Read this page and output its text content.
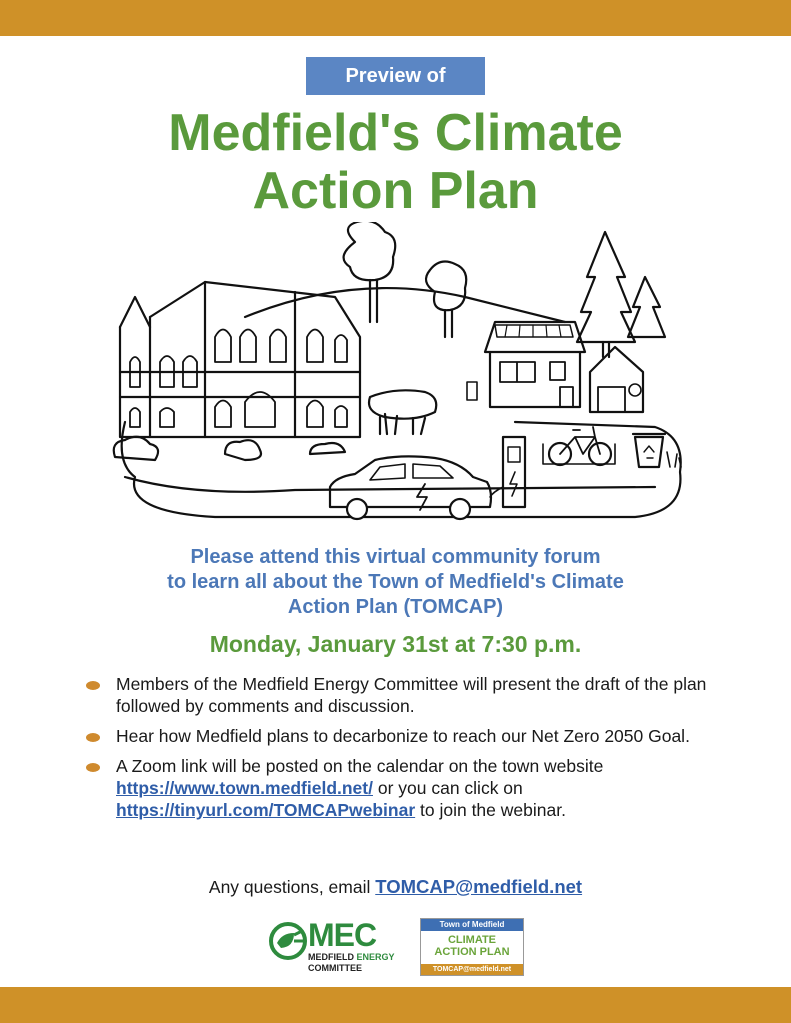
Preview of
Medfield's Climate
Action Plan
Please attend this virtual community forum
to learn all about the Town of Medfield's Climate
Action Plan (TOMCAP)
Monday, January 31st at 7:30 p.m.
Members of the Medfield Energy Committee will present the draft of the plan followed by comments and discussion.
Hear how Medfield plans to decarbonize to reach our Net Zero 2050 Goal.
A Zoom link will be posted on the calendar on the town website https://www.town.medfield.net/ or you can click on https://tinyurl.com/TOMCAPwebinar to join the webinar.
Any questions, email TOMCAP@medfield.net
MEC
MEDFIELD ENERGY
COMMITTEE
Town of Medfield
CLIMATE
ACTION PLAN
TOMCAP@medfield.net
